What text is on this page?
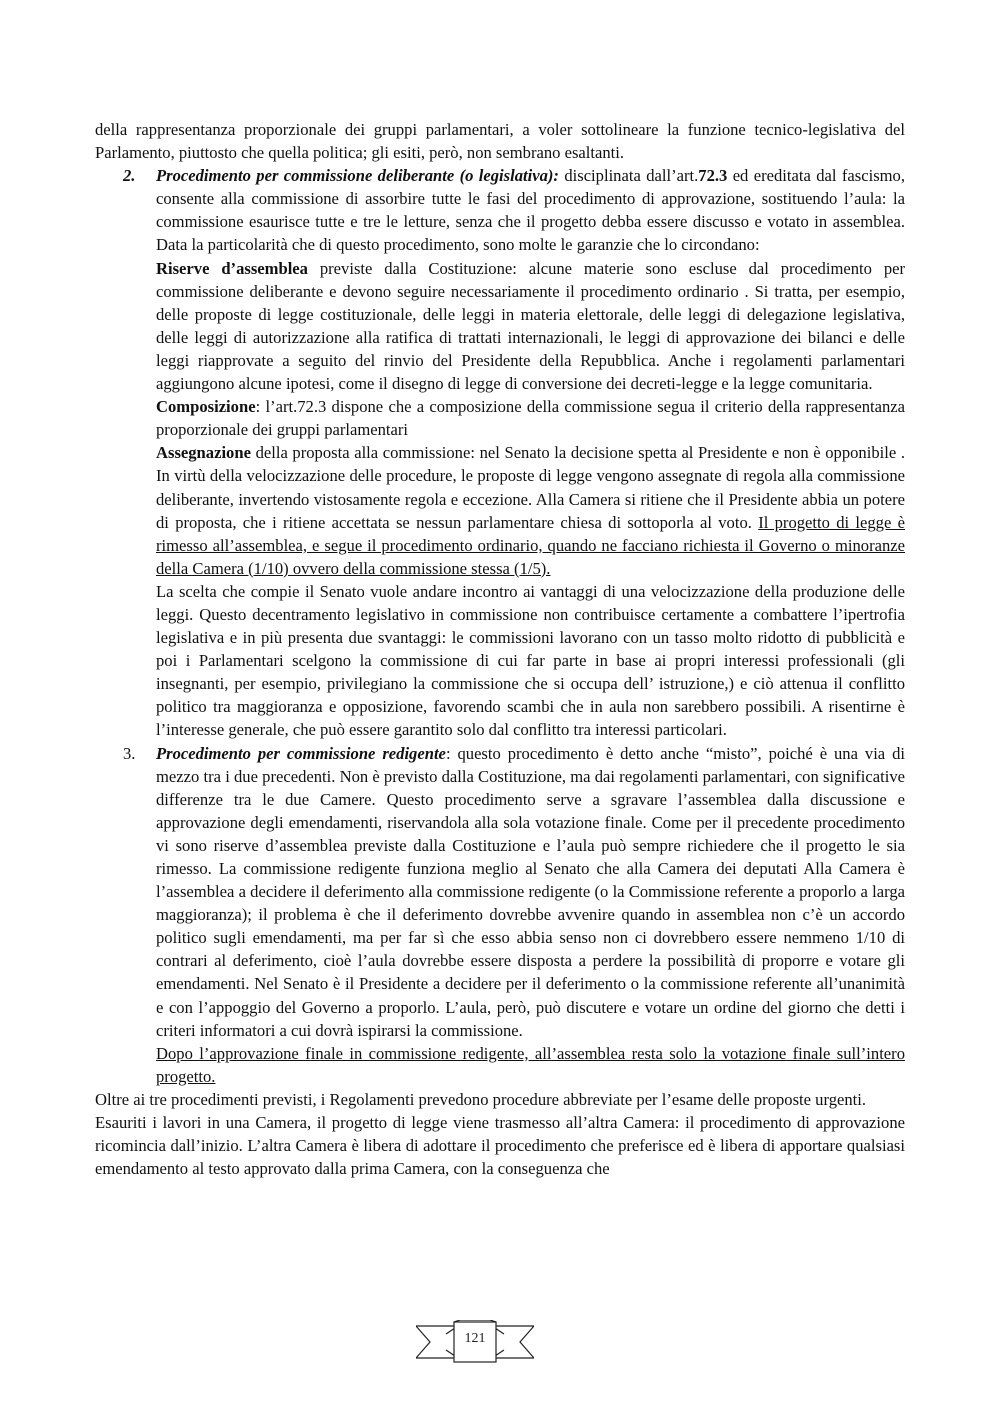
della rappresentanza proporzionale dei gruppi parlamentari, a voler sottolineare la funzione tecnico-legislativa del Parlamento, piuttosto che quella politica; gli esiti, però, non sembrano esaltanti.

2. Procedimento per commissione deliberante (o legislativa): disciplinata dall’art.72.3 ed ereditata dal fascismo, consente alla commissione di assorbire tutte le fasi del procedimento di approvazione, sostituendo l’aula: la commissione esaurisce tutte e tre le letture, senza che il progetto debba essere discusso e votato in assemblea. Data la particolarità che di questo procedimento, sono molte le garanzie che lo circondano:

Riserve d’assemblea previste dalla Costituzione: alcune materie sono escluse dal procedimento per commissione deliberante e devono seguire necessariamente il procedimento ordinario . Si tratta, per esempio, delle proposte di legge costituzionale, delle leggi in materia elettorale, delle leggi di delegazione legislativa, delle leggi di autorizzazione alla ratifica di trattati internazionali, le leggi di approvazione dei bilanci e delle leggi riapprovate a seguito del rinvio del Presidente della Repubblica. Anche i regolamenti parlamentari aggiungono alcune ipotesi, come il disegno di legge di conversione dei decreti-legge e la legge comunitaria.

Composizione: l’art.72.3 dispone che a composizione della commissione segua il criterio della rappresentanza proporzionale dei gruppi parlamentari

Assegnazione della proposta alla commissione: nel Senato la decisione spetta al Presidente e non è opponibile . In virtù della velocizzazione delle procedure, le proposte di legge vengono assegnate di regola alla commissione deliberante, invertendo vistosamente regola e eccezione. Alla Camera si ritiene che il Presidente abbia un potere di proposta, che i ritiene accettata se nessun parlamentare chiesa di sottoporla al voto. Il progetto di legge è rimesso all’assemblea, e segue il procedimento ordinario, quando ne facciano richiesta il Governo o minoranze della Camera (1/10) ovvero della commissione stessa (1/5).

La scelta che compie il Senato vuole andare incontro ai vantaggi di una velocizzazione della produzione delle leggi. Questo decentramento legislativo in commissione non contribuisce certamente a combattere l’ipertrofia legislativa e in più presenta due svantaggi: le commissioni lavorano con un tasso molto ridotto di pubblicità e poi i Parlamentari scelgono la commissione di cui far parte in base ai propri interessi professionali (gli insegnanti, per esempio, privilegiano la commissione che si occupa dell’ istruzione,) e ciò attenua il conflitto politico tra maggioranza e opposizione, favorendo scambi che in aula non sarebbero possibili. A risentirne è l’interesse generale, che può essere garantito solo dal conflitto tra interessi particolari.

3. Procedimento per commissione redigente: questo procedimento è detto anche “misto”, poiché è una via di mezzo tra i due precedenti. Non è previsto dalla Costituzione, ma dai regolamenti parlamentari, con significative differenze tra le due Camere. Questo procedimento serve a sgravare l’assemblea dalla discussione e approvazione degli emendamenti, riservandola alla sola votazione finale. Come per il precedente procedimento vi sono riserve d’assemblea previste dalla Costituzione e l’aula può sempre richiedere che il progetto le sia rimesso. La commissione redigente funziona meglio al Senato che alla Camera dei deputati Alla Camera è l’assemblea a decidere il deferimento alla commissione redigente (o la Commissione referente a proporlo a larga maggioranza); il problema è che il deferimento dovrebbe avvenire quando in assemblea non c’è un accordo politico sugli emendamenti, ma per far sì che esso abbia senso non ci dovrebbero essere nemmeno 1/10 di contrari al deferimento, cioè l’aula dovrebbe essere disposta a perdere la possibilità di proporre e votare gli emendamenti. Nel Senato è il Presidente a decidere per il deferimento o la commissione referente all’unanimità e con l’appoggio del Governo a proporlo. L’aula, però, può discutere e votare un ordine del giorno che detti i criteri informatori a cui dovrà ispirarsi la commissione.

Dopo l’approvazione finale in commissione redigente, all’assemblea resta solo la votazione finale sull’intero progetto.

Oltre ai tre procedimenti previsti, i Regolamenti prevedono procedure abbreviate per l’esame delle proposte urgenti.

Esauriti i lavori in una Camera, il progetto di legge viene trasmesso all’altra Camera: il procedimento di approvazione ricomincia dall’inizio. L’altra Camera è libera di adottare il procedimento che preferisce ed è libera di apportare qualsiasi emendamento al testo approvato dalla prima Camera, con la conseguenza che

121
